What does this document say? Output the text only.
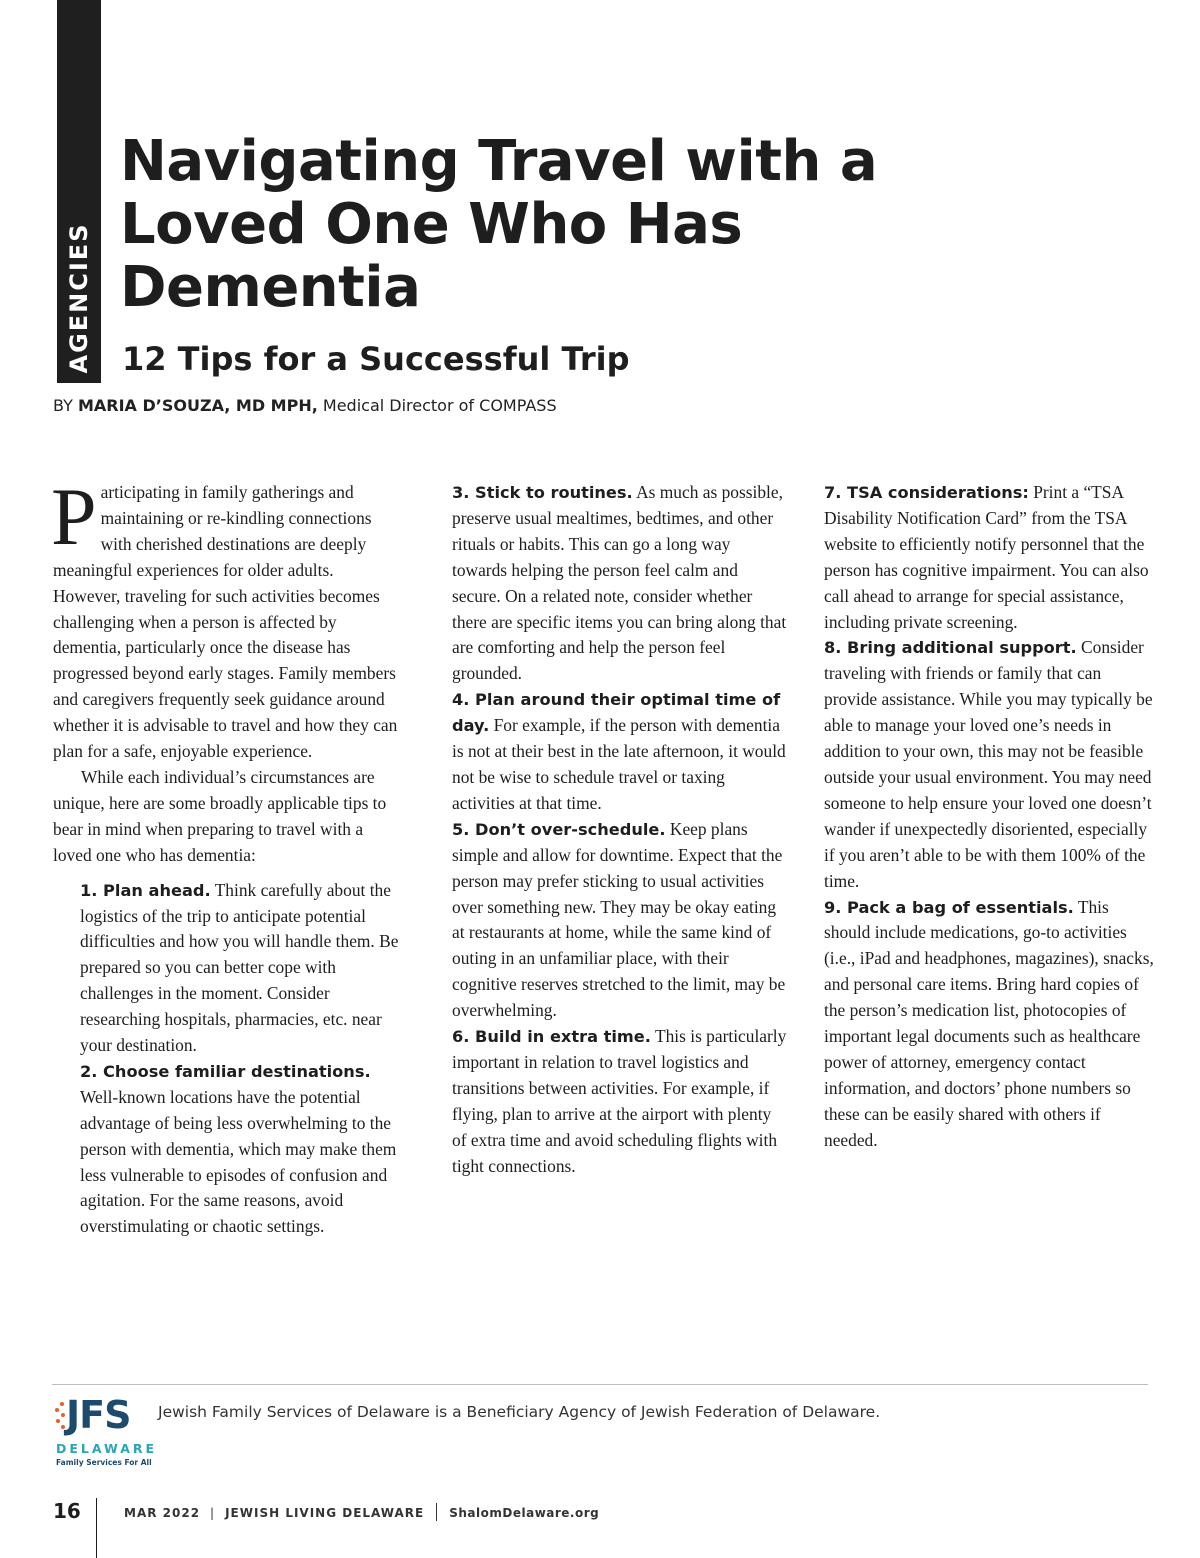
AGENCIES
Navigating Travel with a Loved One Who Has Dementia
12 Tips for a Successful Trip
BY MARIA D’SOUZA, MD MPH, Medical Director of COMPASS

Participating in family gatherings and maintaining or re-kindling connections with cherished destinations are deeply meaningful experiences for older adults. However, traveling for such activities becomes challenging when a person is affected by dementia, particularly once the disease has progressed beyond early stages. Family members and caregivers frequently seek guidance around whether it is advisable to travel and how they can plan for a safe, enjoyable experience.

While each individual’s circumstances are unique, here are some broadly applicable tips to bear in mind when preparing to travel with a loved one who has dementia:

1. Plan ahead. Think carefully about the logistics of the trip to anticipate potential difficulties and how you will handle them. Be prepared so you can better cope with challenges in the moment. Consider researching hospitals, pharmacies, etc. near your destination.

2. Choose familiar destinations. Well-known locations have the potential advantage of being less overwhelming to the person with dementia, which may make them less vulnerable to episodes of confusion and agitation. For the same reasons, avoid overstimulating or chaotic settings.

3. Stick to routines. As much as possible, preserve usual mealtimes, bedtimes, and other rituals or habits. This can go a long way towards helping the person feel calm and secure. On a related note, consider whether there are specific items you can bring along that are comforting and help the person feel grounded.

4. Plan around their optimal time of day. For example, if the person with dementia is not at their best in the late afternoon, it would not be wise to schedule travel or taxing activities at that time.

5. Don’t over-schedule. Keep plans simple and allow for downtime. Expect that the person may prefer sticking to usual activities over something new. They may be okay eating at restaurants at home, while the same kind of outing in an unfamiliar place, with their cognitive reserves stretched to the limit, may be overwhelming.

6. Build in extra time. This is particularly important in relation to travel logistics and transitions between activities. For example, if flying, plan to arrive at the airport with plenty of extra time and avoid scheduling flights with tight connections.

7. TSA considerations: Print a “TSA Disability Notification Card” from the TSA website to efficiently notify personnel that the person has cognitive impairment. You can also call ahead to arrange for special assistance, including private screening.

8. Bring additional support. Consider traveling with friends or family that can provide assistance. While you may typically be able to manage your loved one’s needs in addition to your own, this may not be feasible outside your usual environment. You may need someone to help ensure your loved one doesn’t wander if unexpectedly disoriented, especially if you aren’t able to be with them 100% of the time.

9. Pack a bag of essentials. This should include medications, go-to activities (i.e., iPad and headphones, magazines), snacks, and personal care items. Bring hard copies of the person’s medication list, photocopies of important legal documents such as healthcare power of attorney, emergency contact information, and doctors’ phone numbers so these can be easily shared with others if needed.

JFS
DELAWARE
Family Services For All
Jewish Family Services of Delaware is a Beneficiary Agency of Jewish Federation of Delaware.
16	MAR 2022 | JEWISH LIVING DELAWARE ShalomDelaware.org
